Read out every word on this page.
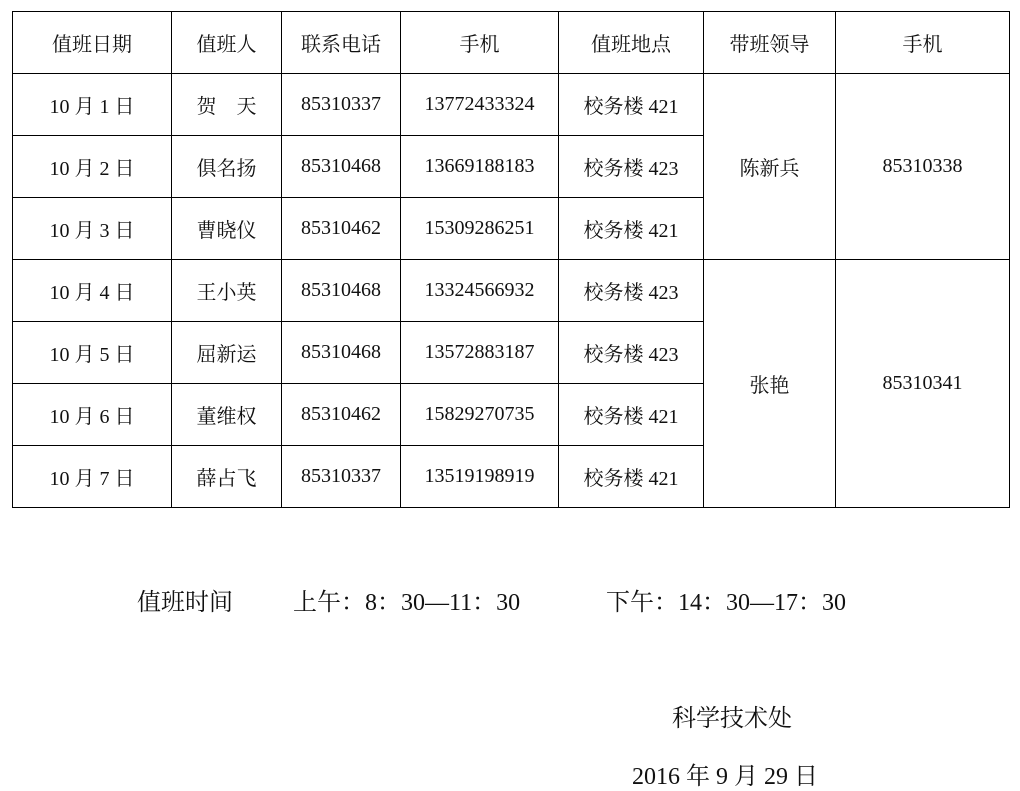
值班日期	值班人	联系电话	手机	值班地点	带班领导	手机
10 月 1 日	贺　天	85310337	13772433324	校务楼 421	陈新兵	85310338
10 月 2 日	俱名扬	85310468	13669188183	校务楼 423		
10 月 3 日	曹晓仪	85310462	15309286251	校务楼 421		
10 月 4 日	王小英	85310468	13324566932	校务楼 423	张艳	85310341
10 月 5 日	屈新运	85310468	13572883187	校务楼 423		
10 月 6 日	董维权	85310462	15829270735	校务楼 421		
10 月 7 日	薛占飞	85310337	13519198919	校务楼 421		
值班时间	上午：8：30—11：30	下午：14：30—17：30
科学技术处
2016 年 9 月 29 日
